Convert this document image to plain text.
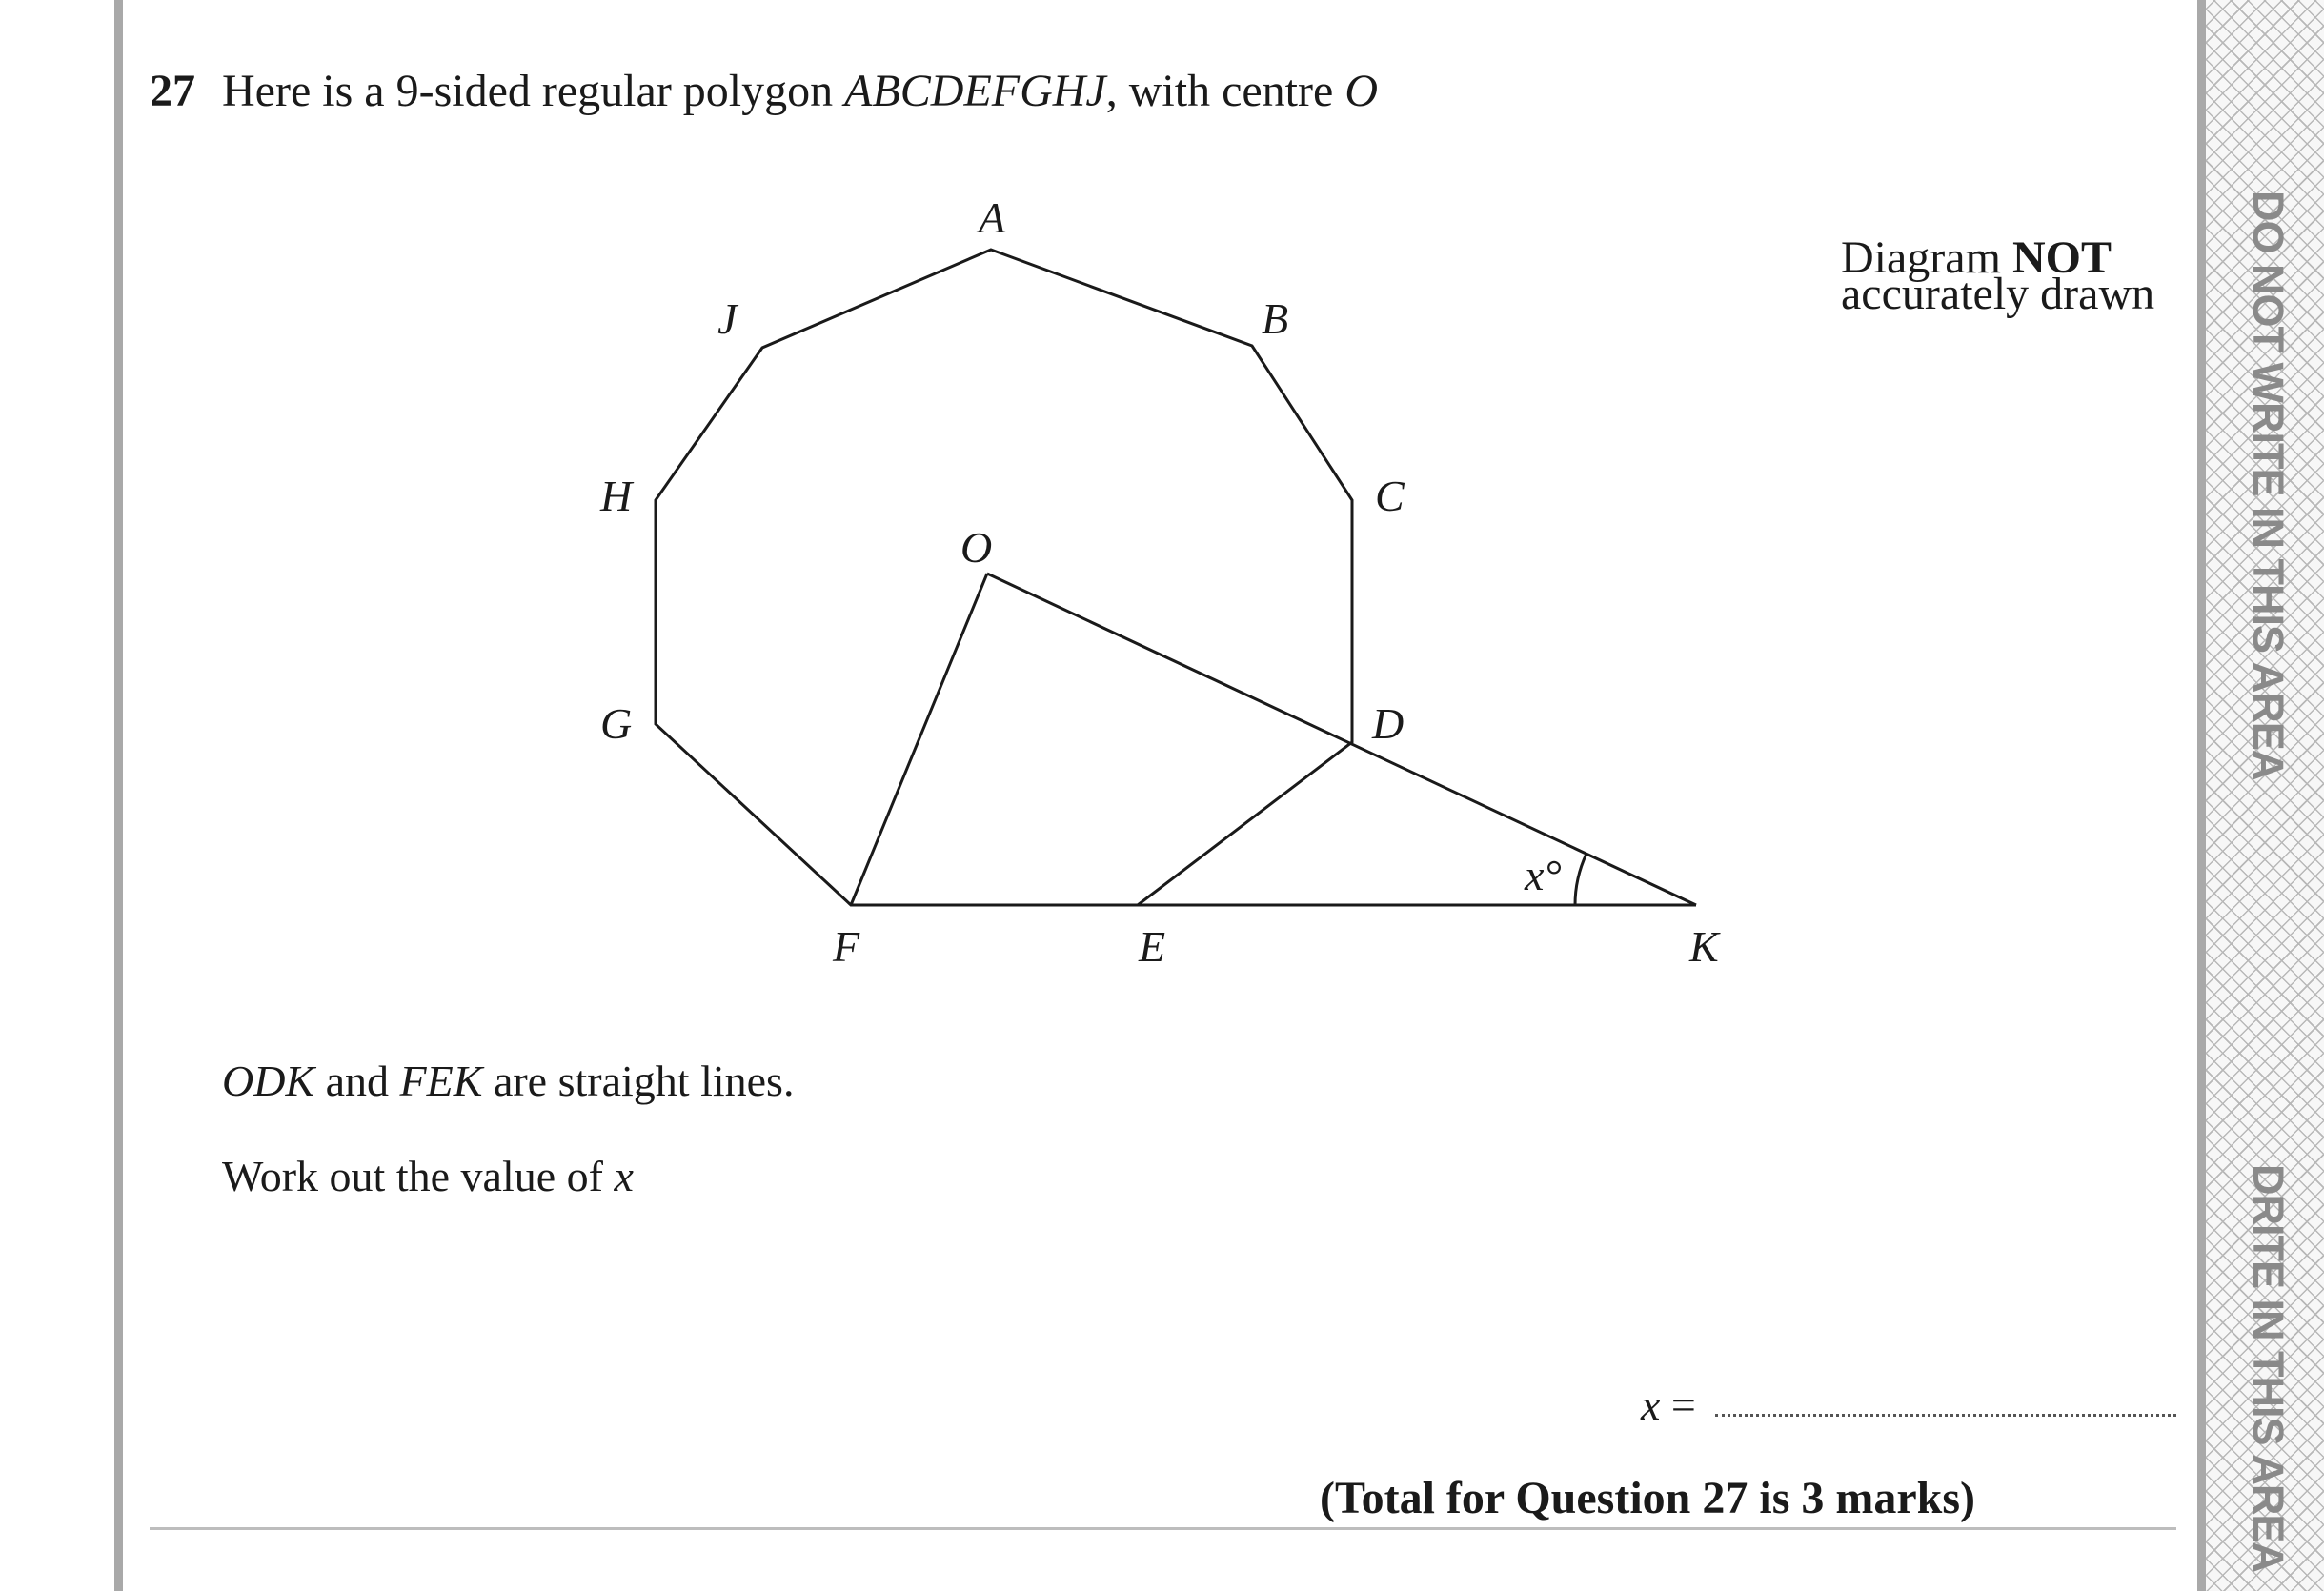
DO NOT WRITE IN THIS AREA
DRITE IN THIS AREA
27 Here is a 9-sided regular polygon ABCDEFGHJ, with centre O
Diagram NOT
accurately drawn
A
B
C
D
E
F
G
H
J
O
K
x°
ODK and FEK are straight lines.
Work out the value of x
x =
(Total for Question 27 is 3 marks)
